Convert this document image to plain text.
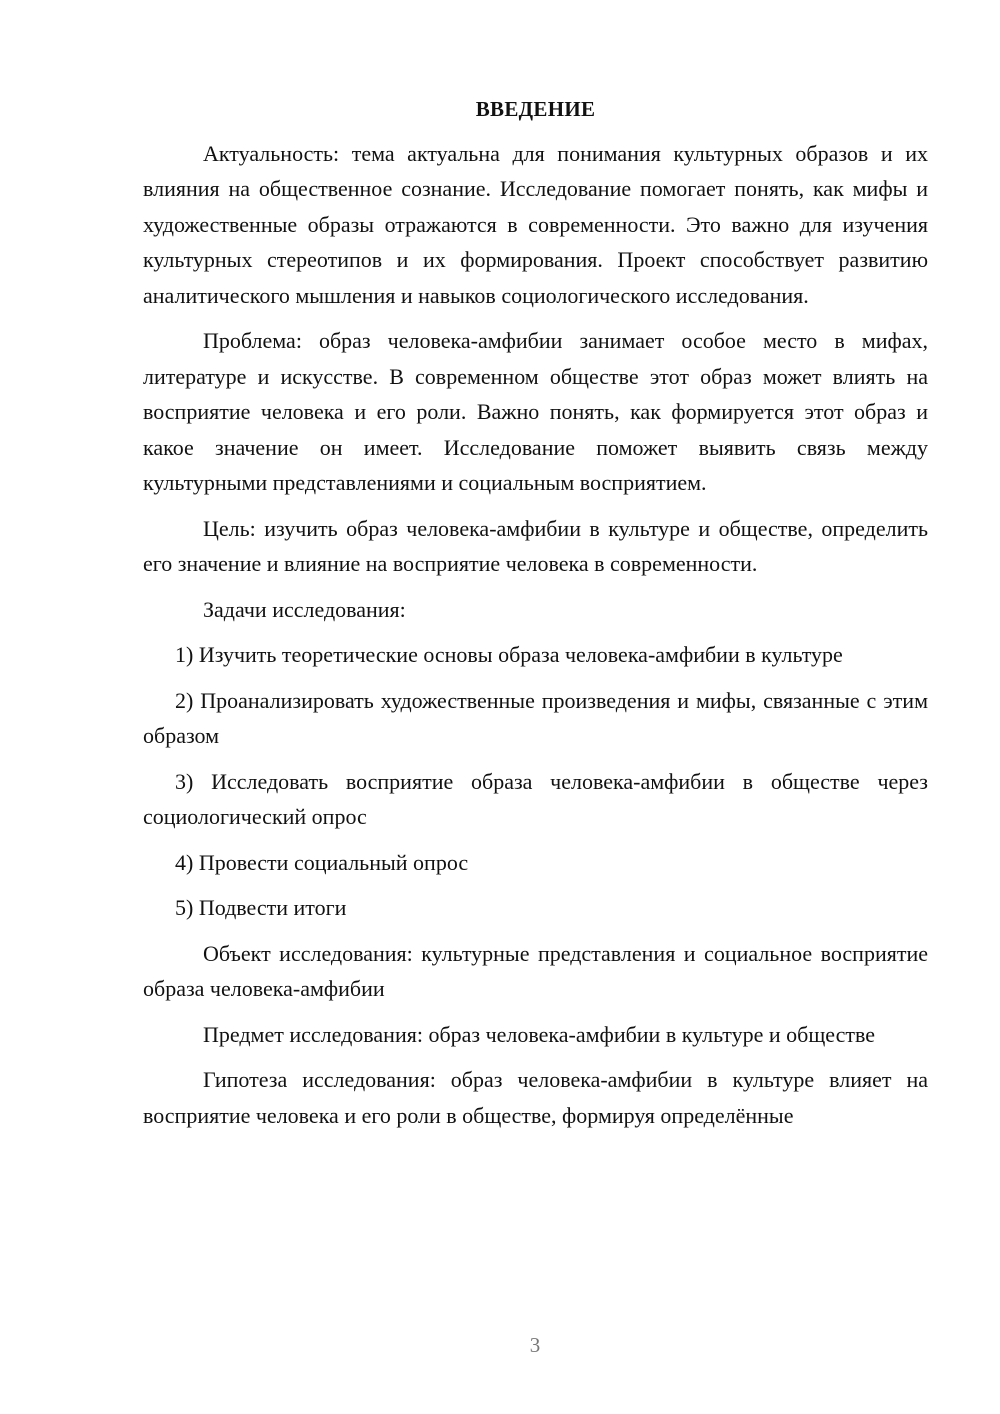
ВВЕДЕНИЕ

Актуальность: тема актуальна для понимания культурных образов и их влияния на общественное сознание. Исследование помогает понять, как мифы и художественные образы отражаются в современности. Это важно для изучения культурных стереотипов и их формирования. Проект способствует развитию аналитического мышления и навыков социологического исследования.

Проблема: образ человека-амфибии занимает особое место в мифах, литературе и искусстве. В современном обществе этот образ может влиять на восприятие человека и его роли. Важно понять, как формируется этот образ и какое значение он имеет. Исследование поможет выявить связь между культурными представлениями и социальным восприятием.

Цель: изучить образ человека-амфибии в культуре и обществе, определить его значение и влияние на восприятие человека в современности.

Задачи исследования:

1) Изучить теоретические основы образа человека-амфибии в культуре

2) Проанализировать художественные произведения и мифы, связанные с этим образом

3) Исследовать восприятие образа человека-амфибии в обществе через социологический опрос

4) Провести социальный опрос

5) Подвести итоги

Объект исследования: культурные представления и социальное восприятие образа человека-амфибии

Предмет исследования: образ человека-амфибии в культуре и обществе

Гипотеза исследования: образ человека-амфибии в культуре влияет на восприятие человека и его роли в обществе, формируя определённые

3
